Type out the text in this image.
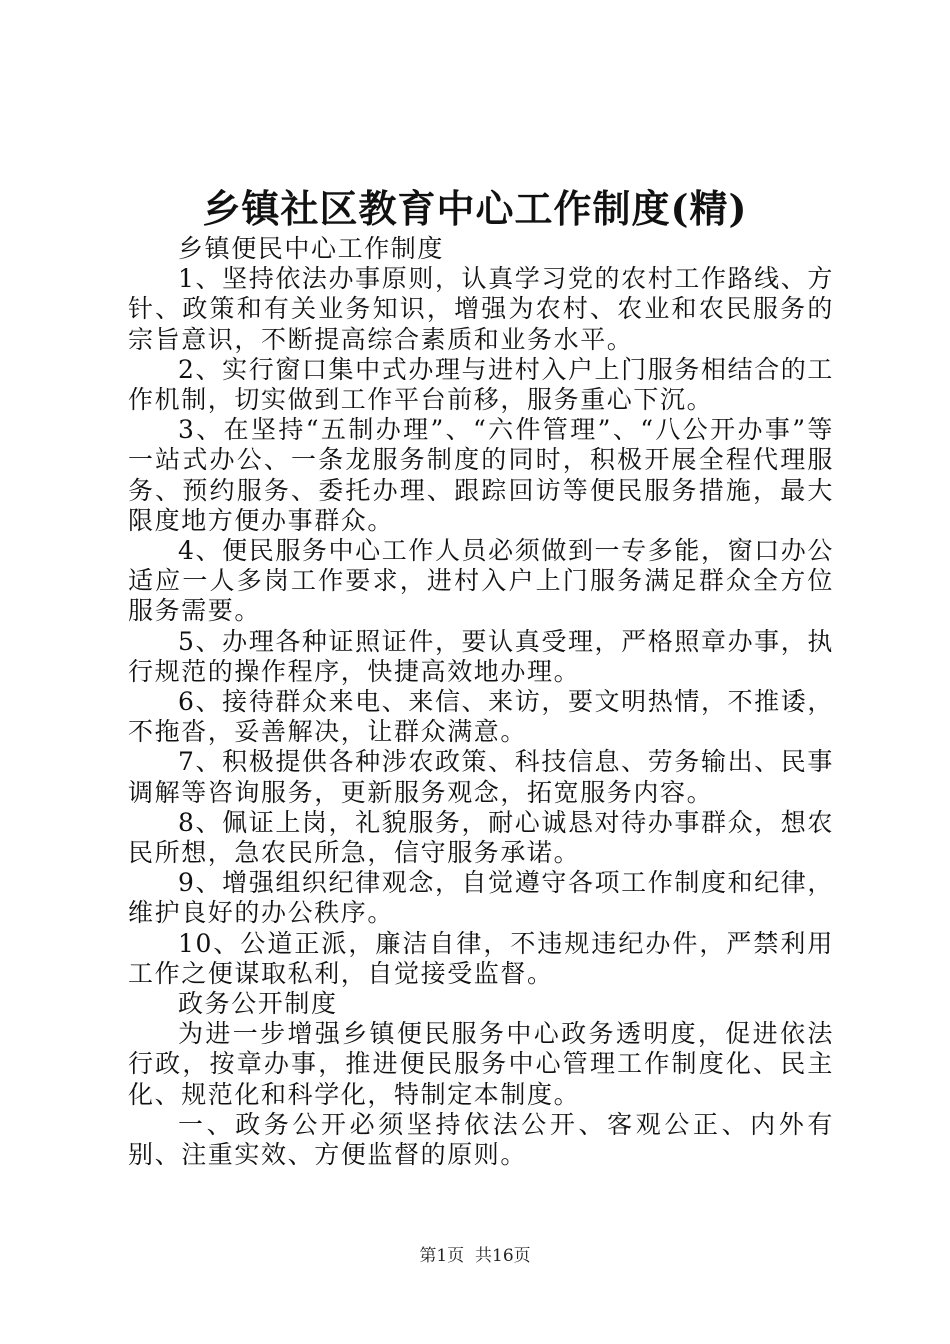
乡镇社区教育中心工作制度(精)

乡镇便民中心工作制度

1、坚持依法办事原则，认真学习党的农村工作路线、方针、政策和有关业务知识，增强为农村、农业和农民服务的宗旨意识，不断提高综合素质和业务水平。

2、实行窗口集中式办理与进村入户上门服务相结合的工作机制，切实做到工作平台前移，服务重心下沉。

3、在坚持“五制办理”、“六件管理”、“八公开办事”等一站式办公、一条龙服务制度的同时，积极开展全程代理服务、预约服务、委托办理、跟踪回访等便民服务措施，最大限度地方便办事群众。

4、便民服务中心工作人员必须做到一专多能，窗口办公适应一人多岗工作要求，进村入户上门服务满足群众全方位服务需要。

5、办理各种证照证件，要认真受理，严格照章办事，执行规范的操作程序，快捷高效地办理。

6、接待群众来电、来信、来访，要文明热情，不推诿，不拖沓，妥善解决，让群众满意。

7、积极提供各种涉农政策、科技信息、劳务输出、民事调解等咨询服务，更新服务观念，拓宽服务内容。

8、佩证上岗，礼貌服务，耐心诚恳对待办事群众，想农民所想，急农民所急，信守服务承诺。

9、增强组织纪律观念，自觉遵守各项工作制度和纪律，维护良好的办公秩序。

10、公道正派，廉洁自律，不违规违纪办件，严禁利用工作之便谋取私利，自觉接受监督。

政务公开制度

为进一步增强乡镇便民服务中心政务透明度，促进依法行政，按章办事，推进便民服务中心管理工作制度化、民主化、规范化和科学化，特制定本制度。

一、政务公开必须坚持依法公开、客观公正、内外有别、注重实效、方便监督的原则。

第1页 共16页
